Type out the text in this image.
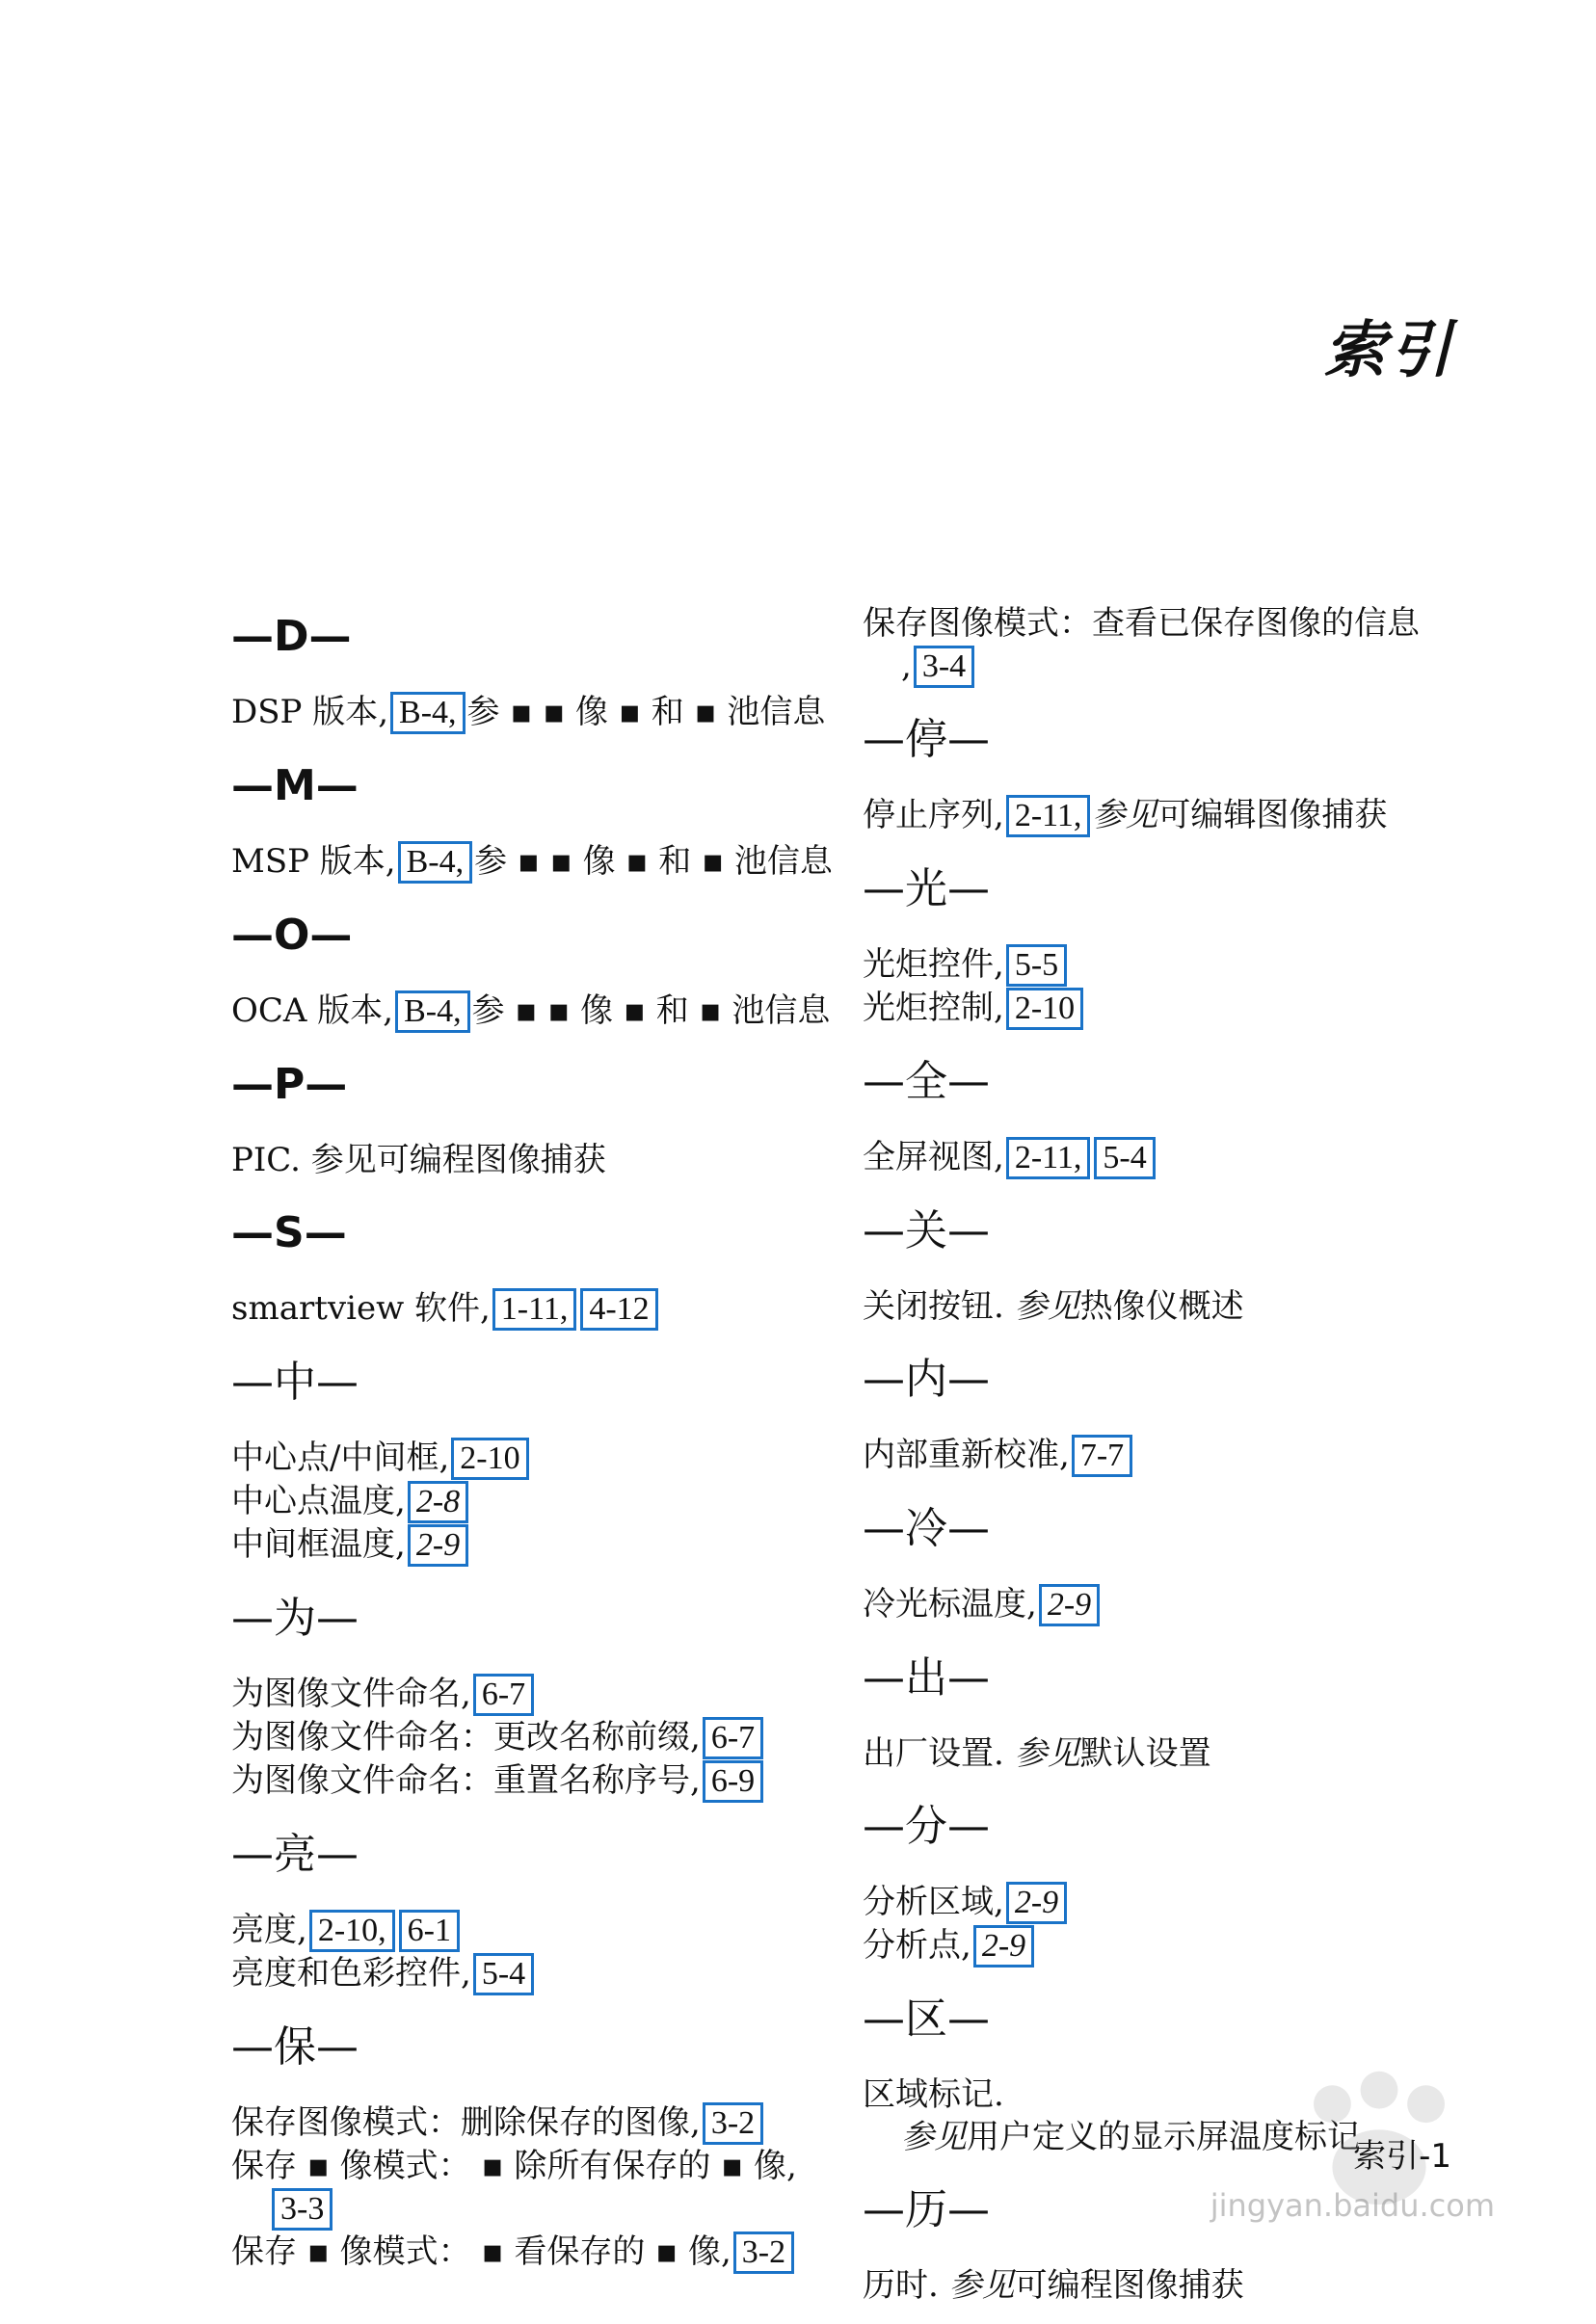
索引
—D—
DSP 版本, B-4, 参 ▪ ▪ 像 ▪ 和 ▪ 池信息
—M—
MSP 版本, B-4, 参 ▪ ▪ 像 ▪ 和 ▪ 池信息
—O—
OCA 版本, B-4, 参 ▪ ▪ 像 ▪ 和 ▪ 池信息
—P—
PIC. 参见可编程图像捕获
—S—
smartview 软件, 1-11, 4-12
—中—
中心点/中间框, 2-10
中心点温度, 2-8
中间框温度, 2-9
—为—
为图像文件命名, 6-7
为图像文件命名：更改名称前缀, 6-7
为图像文件命名：重置名称序号, 6-9
—亮—
亮度, 2-10, 6-1
亮度和色彩控件, 5-4
—保—
保存图像模式：删除保存的图像, 3-2
保存 ▪ 像模式： ▪ 除所有保存的 ▪ 像,
3-3
保存 ▪ 像模式： ▪ 看保存的 ▪ 像, 3-2
保存图像模式：查看已保存图像的信息
, 3-4
—停—
停止序列, 2-11, 参见可编辑图像捕获
—光—
光炬控件, 5-5
光炬控制, 2-10
—全—
全屏视图, 2-11, 5-4
—关—
关闭按钮. 参见热像仪概述
—内—
内部重新校准, 7-7
—冷—
冷光标温度, 2-9
—出—
出厂设置. 参见默认设置
—分—
分析区域, 2-9
分析点, 2-9
—区—
区域标记.
参见用户定义的显示屏温度标记
—历—
历时. 参见可编程图像捕获
jingyan.baidu.com
索引-1
